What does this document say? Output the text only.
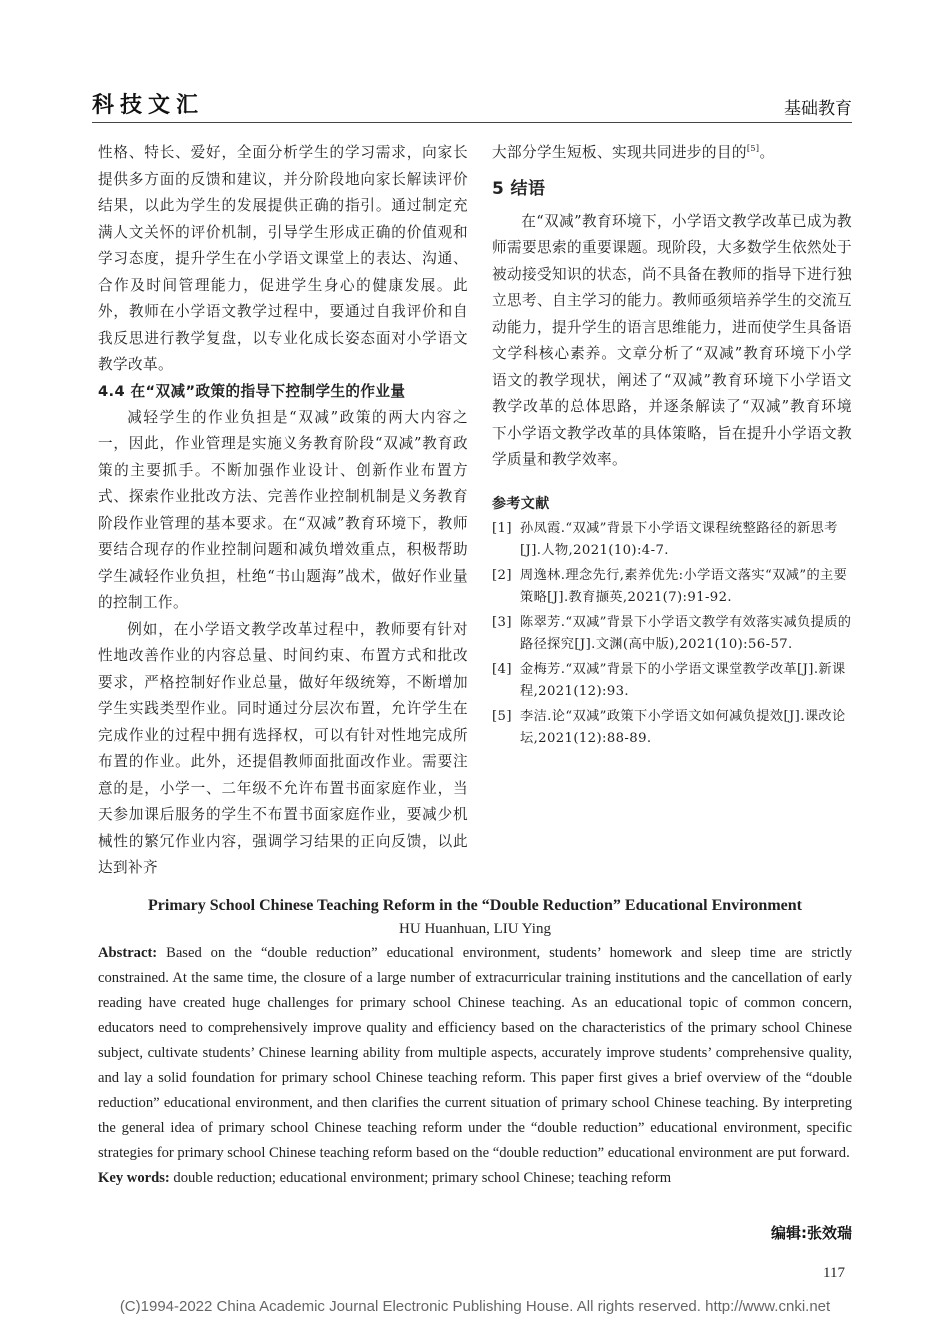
科技文汇	基础教育

性格、特长、爱好，全面分析学生的学习需求，向家长提供多方面的反馈和建议，并分阶段地向家长解读评价结果，以此为学生的发展提供正确的指引。通过制定充满人文关怀的评价机制，引导学生形成正确的价值观和学习态度，提升学生在小学语文课堂上的表达、沟通、合作及时间管理能力，促进学生身心的健康发展。此外，教师在小学语文教学过程中，要通过自我评价和自我反思进行教学复盘，以专业化成长姿态面对小学语文教学改革。

4.4 在“双减”政策的指导下控制学生的作业量

减轻学生的作业负担是“双减”政策的两大内容之一，因此，作业管理是实施义务教育阶段“双减”教育政策的主要抓手。不断加强作业设计、创新作业布置方式、探索作业批改方法、完善作业控制机制是义务教育阶段作业管理的基本要求。在“双减”教育环境下，教师要结合现存的作业控制问题和减负增效重点，积极帮助学生减轻作业负担，杜绝“书山题海”战术，做好作业量的控制工作。

例如，在小学语文教学改革过程中，教师要有针对性地改善作业的内容总量、时间约束、布置方式和批改要求，严格控制好作业总量，做好年级统筹，不断增加学生实践类型作业。同时通过分层次布置，允许学生在完成作业的过程中拥有选择权，可以有针对性地完成所布置的作业。此外，还提倡教师面批面改作业。需要注意的是，小学一、二年级不允许布置书面家庭作业，当天参加课后服务的学生不布置书面家庭作业，要减少机械性的繁冗作业内容，强调学习结果的正向反馈，以此达到补齐

大部分学生短板、实现共同进步的目的[5]。

5 结语

在“双减”教育环境下，小学语文教学改革已成为教师需要思索的重要课题。现阶段，大多数学生依然处于被动接受知识的状态，尚不具备在教师的指导下进行独立思考、自主学习的能力。教师亟须培养学生的交流互动能力，提升学生的语言思维能力，进而使学生具备语文学科核心素养。文章分析了“双减”教育环境下小学语文的教学现状，阐述了“双减”教育环境下小学语文教学改革的总体思路，并逐条解读了“双减”教育环境下小学语文教学改革的具体策略，旨在提升小学语文教学质量和教学效率。

参考文献
[1] 孙凤霞.“双减”背景下小学语文课程统整路径的新思考[J].人物,2021(10):4-7.
[2] 周逸林.理念先行,素养优先:小学语文落实“双减”的主要策略[J].教育撷英,2021(7):91-92.
[3] 陈翠芳.“双减”背景下小学语文教学有效落实减负提质的路径探究[J].文渊(高中版),2021(10):56-57.
[4] 金梅芳.“双减”背景下的小学语文课堂教学改革[J].新课程,2021(12):93.
[5] 李洁.论“双减”政策下小学语文如何减负提效[J].课改论坛,2021(12):88-89.
Primary School Chinese Teaching Reform in the “Double Reduction” Educational Environment
HU Huanhuan, LIU Ying

Abstract: Based on the “double reduction” educational environment, students’ homework and sleep time are strictly constrained. At the same time, the closure of a large number of extracurricular training institutions and the cancellation of early reading have created huge challenges for primary school Chinese teaching. As an educational topic of common concern, educators need to comprehensively improve quality and efficiency based on the characteristics of the primary school Chinese subject, cultivate students’ Chinese learning ability from multiple aspects, accurately improve students’ comprehensive quality, and lay a solid foundation for primary school Chinese teaching reform. This paper first gives a brief overview of the “double reduction” educational environment, and then clarifies the current situation of primary school Chinese teaching. By interpreting the general idea of primary school Chinese teaching reform under the “double reduction” educational environment, specific strategies for primary school Chinese teaching reform based on the “double reduction” educational environment are put forward.

Key words: double reduction; educational environment; primary school Chinese; teaching reform

编辑:张效瑞
117
(C)1994-2022 China Academic Journal Electronic Publishing House. All rights reserved. http://www.cnki.net
